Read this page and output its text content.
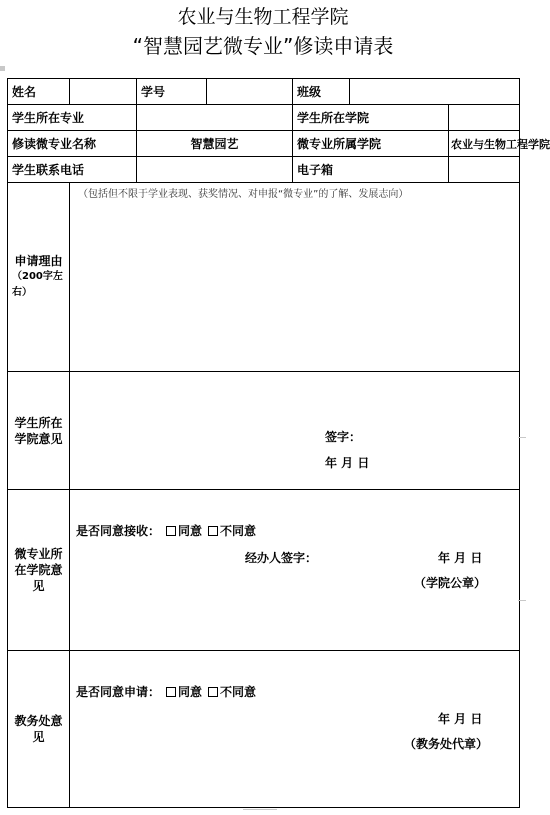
农业与生物工程学院
“智慧园艺微专业”修读申请表
姓名		学号		班级		
学生所在专业				学生所在学院		
修读微专业名称		智慧园艺		微专业所属学院		农业与生物工程学院
学生联系电话				电子箱		
申请理由
（200字左右）	（包括但不限于学业表现、获奖情况、对申报“微专业”的了解、发展志向）					

学生所在学院意见	签字：
年 月 日					

微专业所在学院意见	是否同意接收： 同意 不同意
经办人签字： 年 月 日
（学院公章）					

教务处意见	是否同意申请： 同意 不同意
年 月 日
（教务处代章）					
